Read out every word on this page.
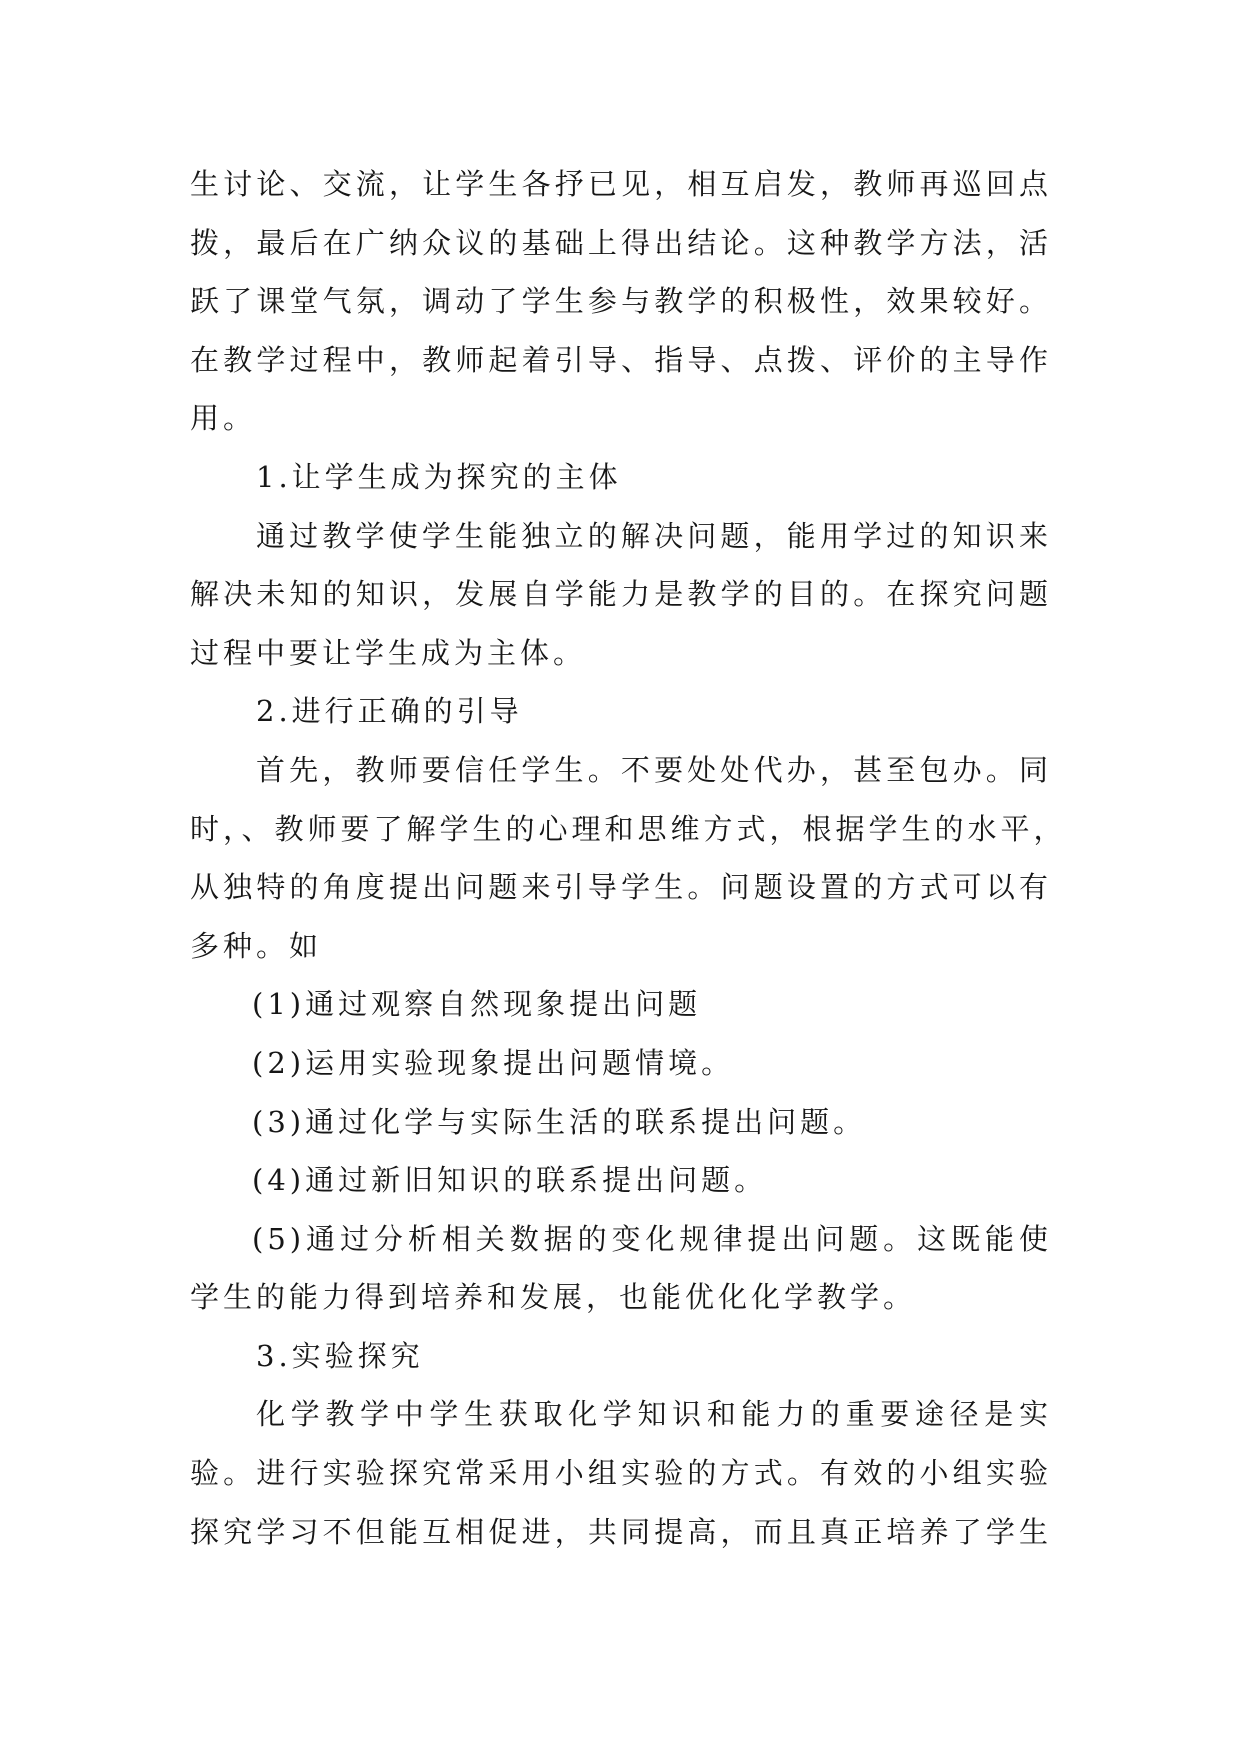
生讨论、交流，让学生各抒已见，相互启发，教师再巡回点
拨，最后在广纳众议的基础上得出结论。这种教学方法，活
跃了课堂气氛，调动了学生参与教学的积极性，效果较好。
在教学过程中，教师起着引导、指导、点拨、评价的主导作
用。
1.让学生成为探究的主体
通过教学使学生能独立的解决问题，能用学过的知识来
解决未知的知识，发展自学能力是教学的目的。在探究问题
过程中要让学生成为主体。
2.进行正确的引导
首先，教师要信任学生。不要处处代办，甚至包办。同
时，、教师要了解学生的心理和思维方式，根据学生的水平，
从独特的角度提出问题来引导学生。问题设置的方式可以有
多种。如
(1)通过观察自然现象提出问题
(2)运用实验现象提出问题情境。
(3)通过化学与实际生活的联系提出问题。
(4)通过新旧知识的联系提出问题。
(5)通过分析相关数据的变化规律提出问题。这既能使
学生的能力得到培养和发展，也能优化化学教学。
3.实验探究
化学教学中学生获取化学知识和能力的重要途径是实
验。进行实验探究常采用小组实验的方式。有效的小组实验
探究学习不但能互相促进，共同提高，而且真正培养了学生
